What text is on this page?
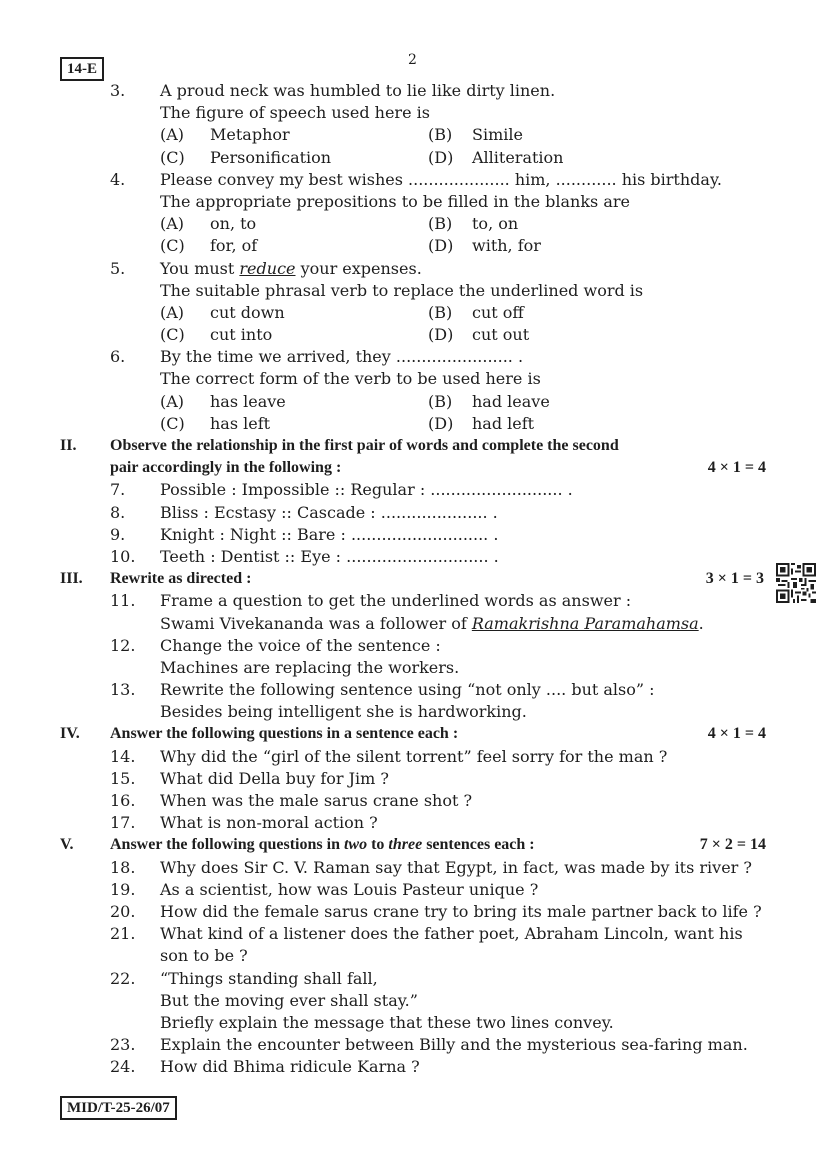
14-E
2
3. A proud neck was humbled to lie like dirty linen.
The figure of speech used here is
(A) Metaphor	(B) Simile
(C) Personification	(D) Alliteration
4. Please convey my best wishes .................... him, ............ his birthday.
The appropriate prepositions to be filled in the blanks are
(A) on, to	(B) to, on
(C) for, of	(D) with, for
5. You must reduce your expenses.
The suitable phrasal verb to replace the underlined word is
(A) cut down	(B) cut off
(C) cut into	(D) cut out
6. By the time we arrived, they ....................... .
The correct form of the verb to be used here is
(A) has leave	(B) had leave
(C) has left	(D) had left
II. Observe the relationship in the first pair of words and complete the second
pair accordingly in the following :	4 × 1 = 4
7. Possible : Impossible :: Regular : .......................... .
8. Bliss : Ecstasy :: Cascade : ..................... .
9. Knight : Night :: Bare : ........................... .
10. Teeth : Dentist :: Eye : ............................ .
III. Rewrite as directed :	3 × 1 = 3
11. Frame a question to get the underlined words as answer :
Swami Vivekananda was a follower of Ramakrishna Paramahamsa.
12. Change the voice of the sentence :
Machines are replacing the workers.
13. Rewrite the following sentence using “not only .... but also” :
Besides being intelligent she is hardworking.
IV. Answer the following questions in a sentence each :	4 × 1 = 4
14. Why did the “girl of the silent torrent” feel sorry for the man ?
15. What did Della buy for Jim ?
16. When was the male sarus crane shot ?
17. What is non-moral action ?
V. Answer the following questions in two to three sentences each :	7 × 2 = 14
18. Why does Sir C. V. Raman say that Egypt, in fact, was made by its river ?
19. As a scientist, how was Louis Pasteur unique ?
20. How did the female sarus crane try to bring its male partner back to life ?
21. What kind of a listener does the father poet, Abraham Lincoln, want his
son to be ?
22. “Things standing shall fall,
But the moving ever shall stay.”
Briefly explain the message that these two lines convey.
23. Explain the encounter between Billy and the mysterious sea-faring man.
24. How did Bhima ridicule Karna ?
MID/T-25-26/07
